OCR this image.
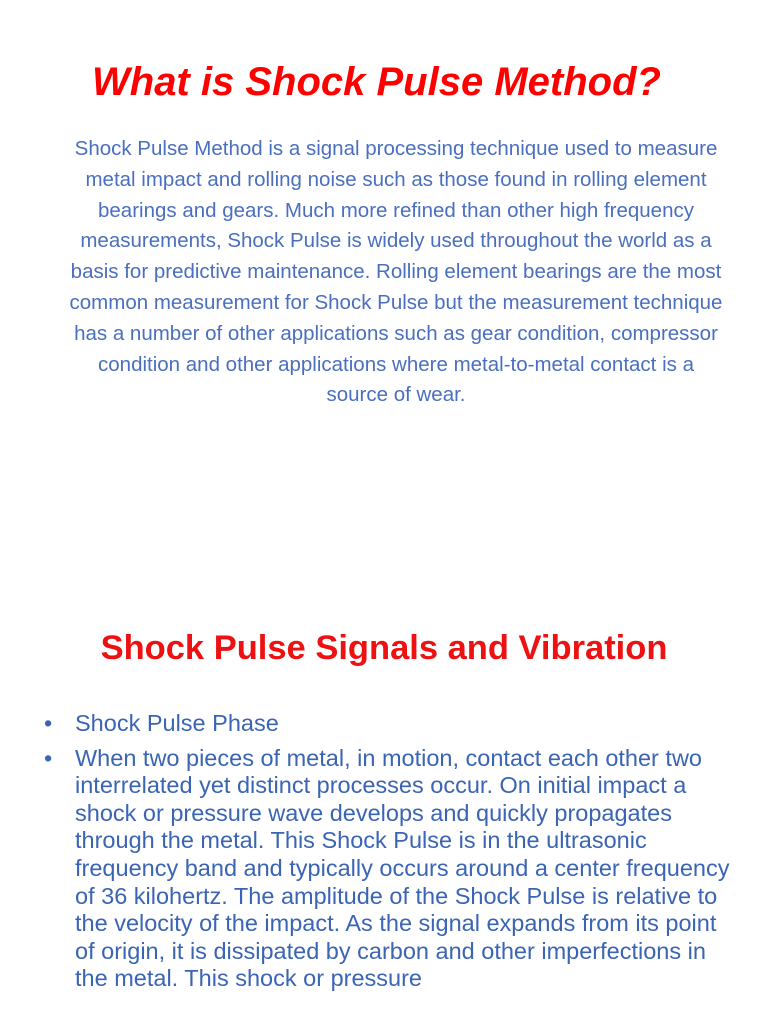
What is Shock Pulse Method?

Shock Pulse Method is a signal processing technique used to measure metal impact and rolling noise such as those found in rolling element bearings and gears. Much more refined than other high frequency measurements, Shock Pulse is widely used throughout the world as a basis for predictive maintenance. Rolling element bearings are the most common measurement for Shock Pulse but the measurement technique has a number of other applications such as gear condition, compressor condition and other applications where metal-to-metal contact is a source of wear.

Shock Pulse Signals and Vibration
• Shock Pulse Phase
• When two pieces of metal, in motion, contact each other two interrelated yet distinct processes occur. On initial impact a shock or pressure wave develops and quickly propagates through the metal. This Shock Pulse is in the ultrasonic frequency band and typically occurs around a center frequency of 36 kilohertz. The amplitude of the Shock Pulse is relative to the velocity of the impact. As the signal expands from its point of origin, it is dissipated by carbon and other imperfections in the metal. This shock or pressure
